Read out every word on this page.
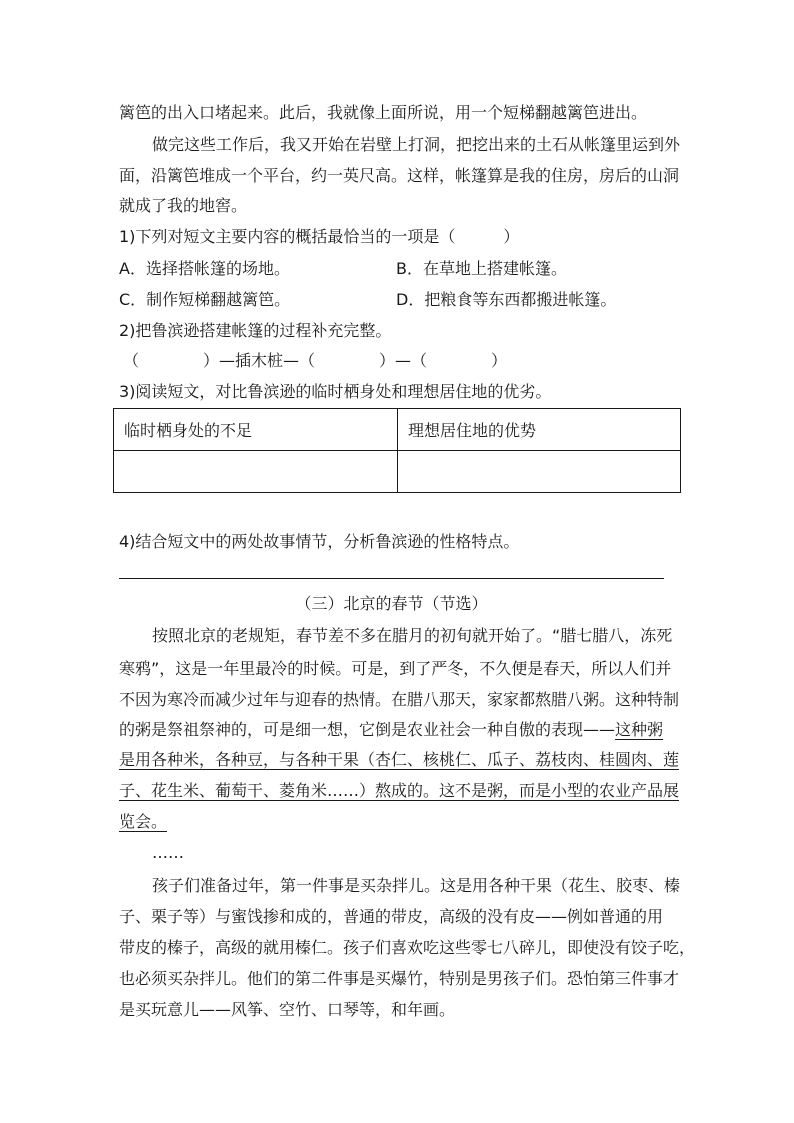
篱笆的出入口堵起来。此后，我就像上面所说，用一个短梯翻越篱笆进出。
做完这些工作后，我又开始在岩壁上打洞，把挖出来的土石从帐篷里运到外
面，沿篱笆堆成一个平台，约一英尺高。这样，帐篷算是我的住房，房后的山洞
就成了我的地窖。
1)下列对短文主要内容的概括最恰当的一项是（　　　）
A．选择搭帐篷的场地。	B．在草地上搭建帐篷。
C．制作短梯翻越篱笆。	D．把粮食等东西都搬进帐篷。
2)把鲁滨逊搭建帐篷的过程补充完整。
（　　　　）—插木桩—（　　　　）—（　　　　）
3)阅读短文，对比鲁滨逊的临时栖身处和理想居住地的优劣。
临时栖身处的不足	理想居住地的优势

4)结合短文中的两处故事情节，分析鲁滨逊的性格特点。
（三）北京的春节（节选）
按照北京的老规矩，春节差不多在腊月的初旬就开始了。“腊七腊八，冻死
寒鸦”，这是一年里最冷的时候。可是，到了严冬，不久便是春天，所以人们并
不因为寒冷而减少过年与迎春的热情。在腊八那天，家家都熬腊八粥。这种特制
的粥是祭祖祭神的，可是细一想，它倒是农业社会一种自傲的表现——这种粥
是用各种米，各种豆，与各种干果（杏仁、核桃仁、瓜子、荔枝肉、桂圆肉、莲
子、花生米、葡萄干、菱角米……）熬成的。这不是粥，而是小型的农业产品展
览会。
……
孩子们准备过年，第一件事是买杂拌儿。这是用各种干果（花生、胶枣、榛
子、栗子等）与蜜饯掺和成的，普通的带皮，高级的没有皮——例如普通的用
带皮的榛子，高级的就用榛仁。孩子们喜欢吃这些零七八碎儿，即使没有饺子吃，
也必须买杂拌儿。他们的第二件事是买爆竹，特别是男孩子们。恐怕第三件事才
是买玩意儿——风筝、空竹、口琴等，和年画。
